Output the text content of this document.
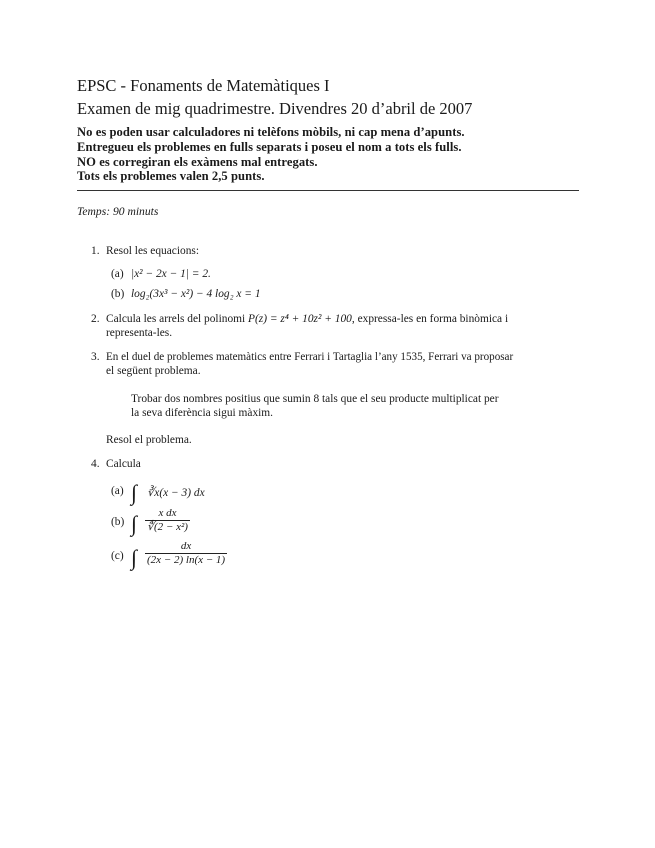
EPSC - Fonaments de Matemàtiques I
Examen de mig quadrimestre. Divendres 20 d’abril de 2007
No es poden usar calculadores ni telèfons mòbils, ni cap mena d’apunts.
Entregueu els problemes en fulls separats i poseu el nom a tots els fulls.
NO es corregiran els exàmens mal entregats.
Tots els problemes valen 2,5 punts.
Temps: 90 minuts
1. Resol les equacions:
(a) |x² − 2x − 1| = 2.
(b) log₂(3x³ − x²) − 4 log₂ x = 1
2. Calcula les arrels del polinomi P(z) = z⁴ + 10z² + 100, expressa-les en forma binòmica i
representa-les.
3. En el duel de problemes matemàtics entre Ferrari i Tartaglia l’any 1535, Ferrari va proposar
el següent problema.
Trobar dos nombres positius que sumin 8 tals que el seu producte multiplicat per
la seva diferència sigui màxim.
Resol el problema.
4. Calcula
(a) ∫ ∛x(x − 3) dx
(b) ∫ $\frac{\text{x dx}}{\text{∜(2 − x²)}}$
(c) ∫ $\frac{dx}{(2x - 2) \ln(x - 1)}$
